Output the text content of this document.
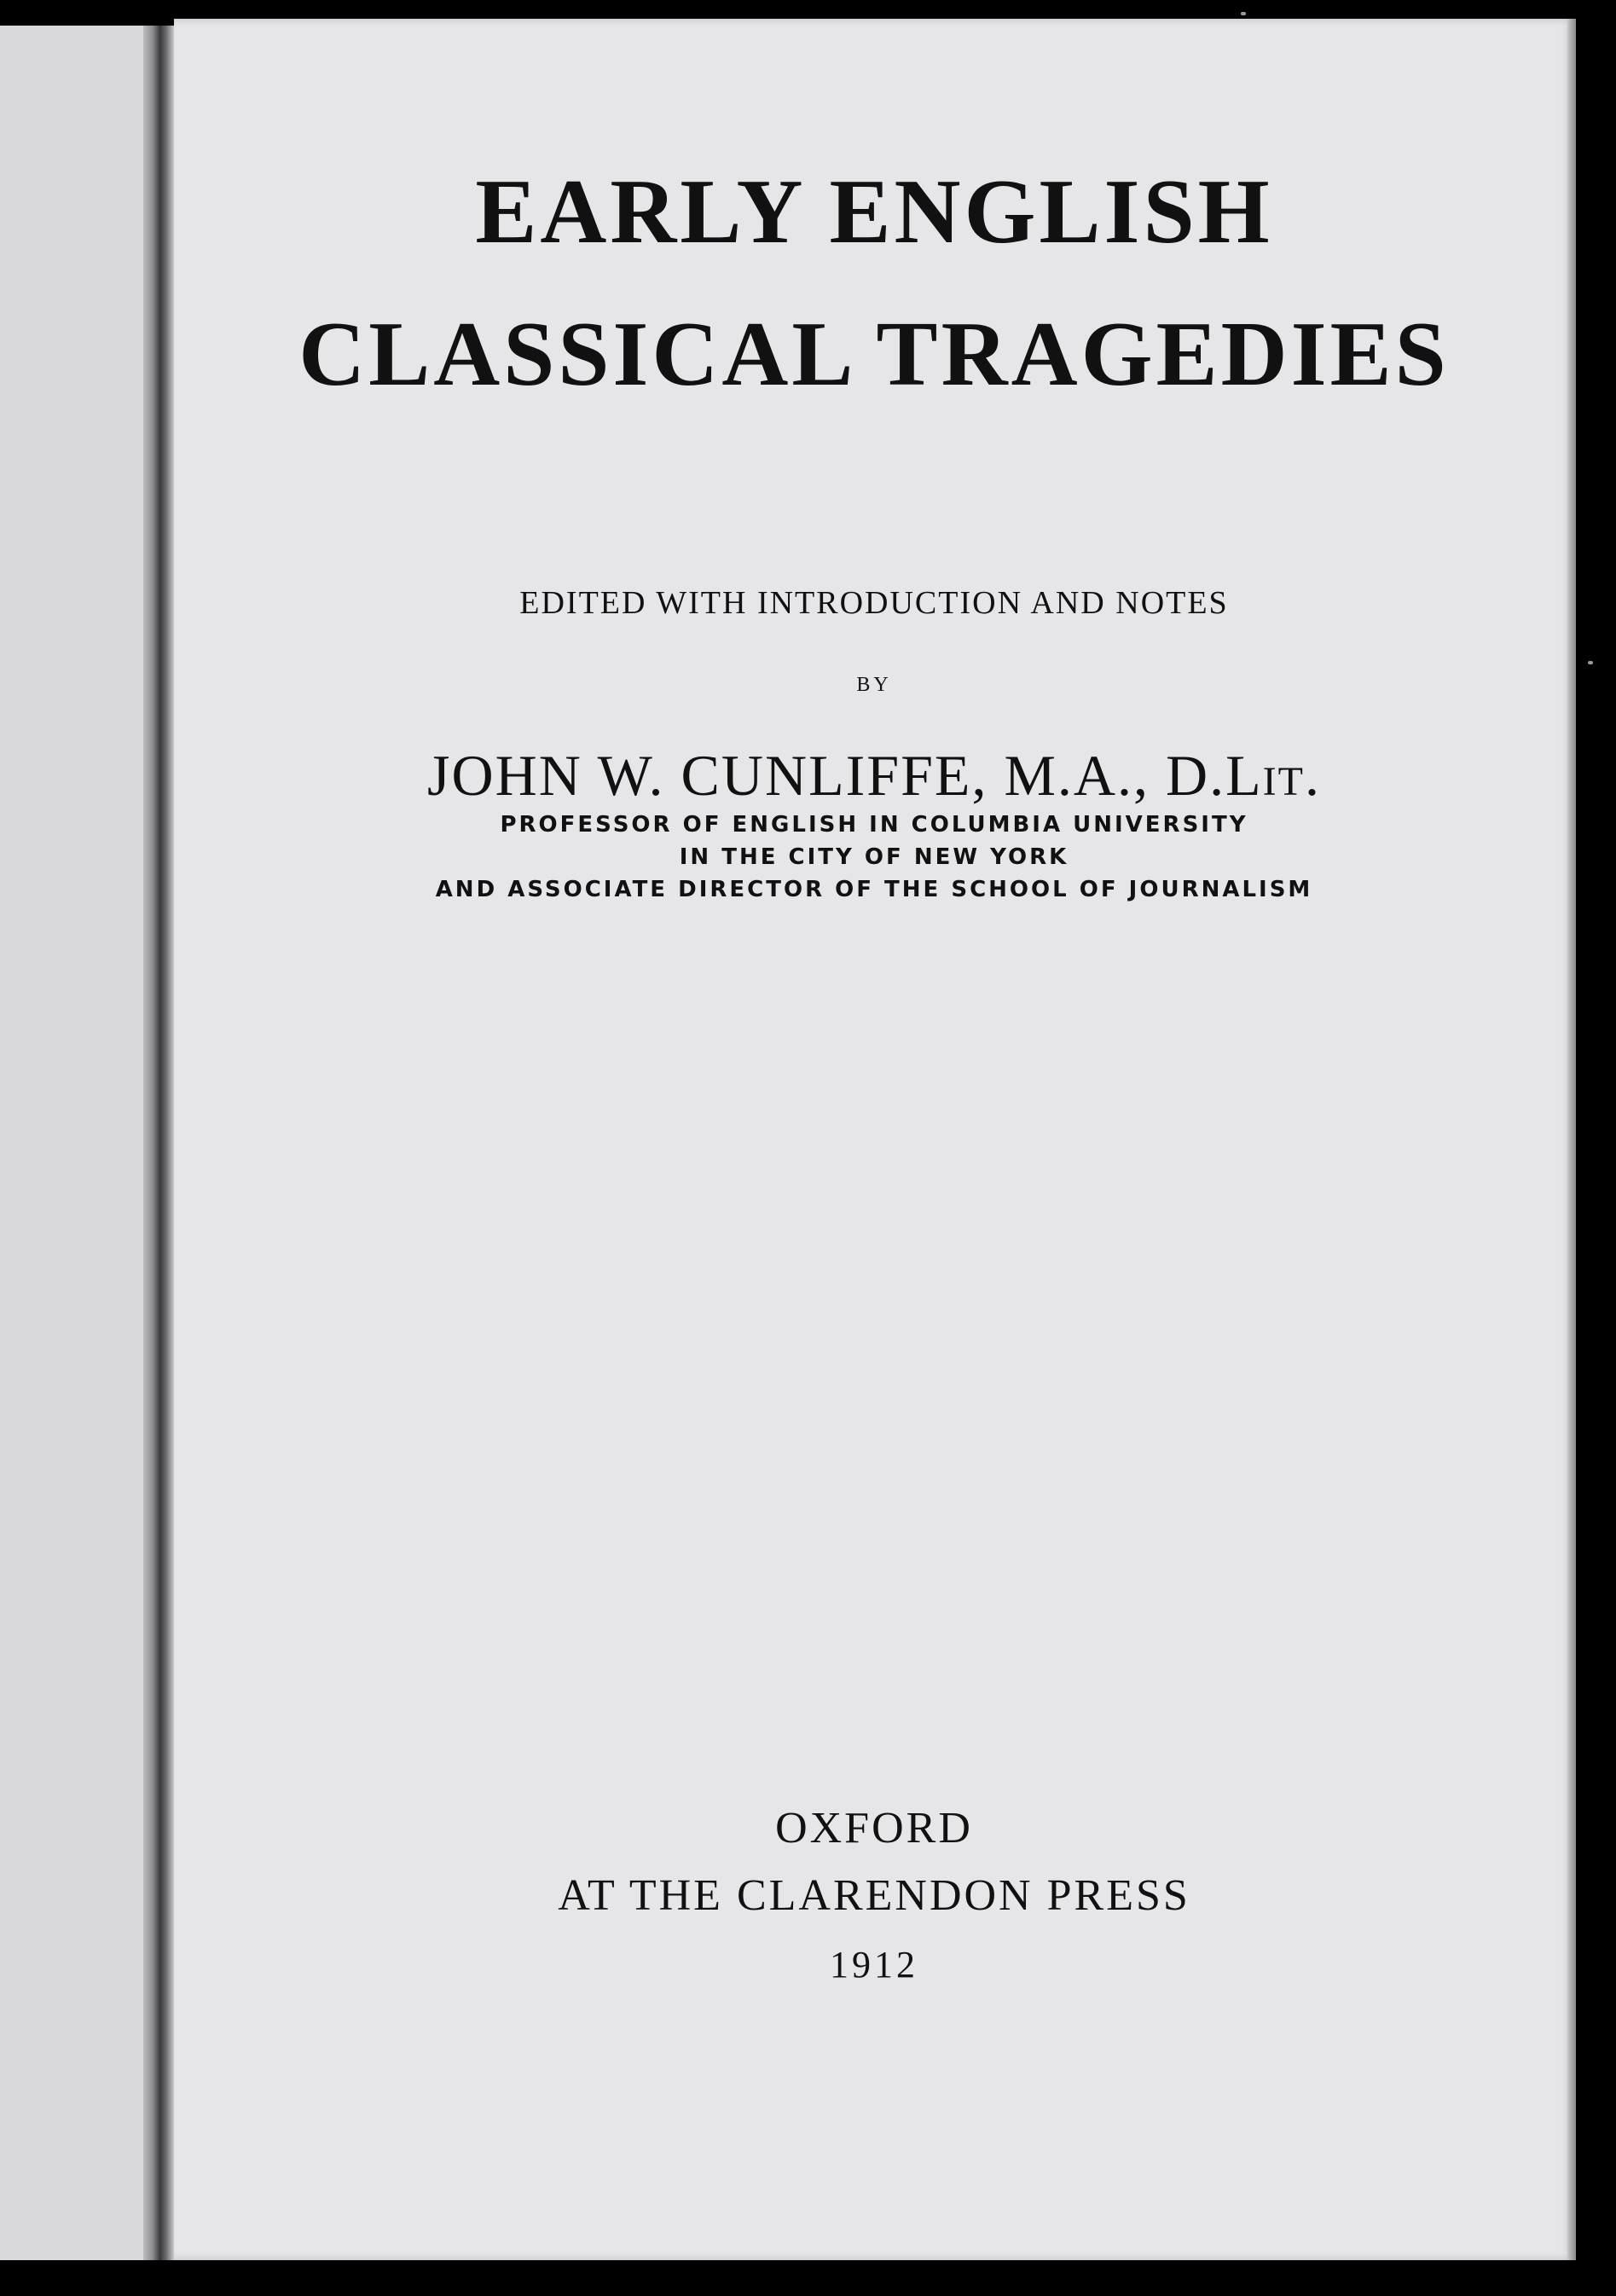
EARLY ENGLISH
CLASSICAL TRAGEDIES
EDITED WITH INTRODUCTION AND NOTES
BY
JOHN W. CUNLIFFE, M.A., D.Lit.
PROFESSOR OF ENGLISH IN COLUMBIA UNIVERSITY
IN THE CITY OF NEW YORK
AND ASSOCIATE DIRECTOR OF THE SCHOOL OF JOURNALISM
OXFORD
AT THE CLARENDON PRESS
1912
